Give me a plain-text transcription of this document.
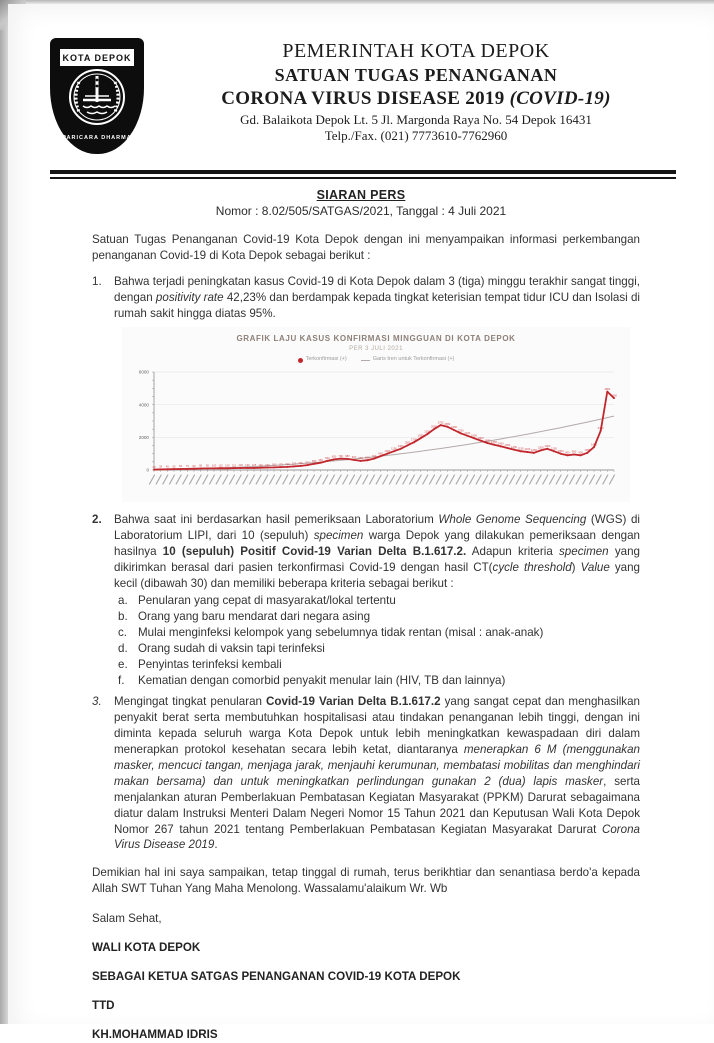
KOTA DEPOK
PARICARA DHARMA
PEMERINTAH KOTA DEPOK
SATUAN TUGAS PENANGANAN
CORONA VIRUS DISEASE 2019 (COVID-19)
Gd. Balaikota Depok Lt. 5 Jl. Margonda Raya No. 54 Depok 16431
Telp./Fax. (021) 7773610-7762960
SIARAN PERS
Nomor : 8.02/505/SATGAS/2021, Tanggal : 4 Juli 2021
Satuan Tugas Penanganan Covid-19 Kota Depok dengan ini menyampaikan informasi perkembangan penanganan Covid-19 di Kota Depok sebagai berikut :
1.	Bahwa terjadi peningkatan kasus Covid-19 di Kota Depok dalam 3 (tiga) minggu terakhir sangat tinggi, dengan positivity rate 42,23% dan berdampak kepada tingkat keterisian tempat tidur ICU dan Isolasi di rumah sakit hingga diatas 95%.
GRAFIK LAJU KASUS KONFIRMASI MINGGUAN DI KOTA DEPOK
PER 3 JULI 2021
Terkonfirmasi (+)	Garis tren untuk Terkonfirmasi (+)
0
2000
4000
6000
20 35 45 55 60 70 80 90 95 100 110 105 115 120 130 125 140 150 160 175 190 220 250 300 380 450
560 650 700 680 620 560 600
700
850
1000
1150
1300
1500
1700
1950
2200
2500
2750
2650
2450
2250
2100
1950
1800
1650
1550
1450
1350
1250
1150 1100 1050
1200
1300
1150
1000
900 950 900
1050
1400
2400
4800
4400
2.	Bahwa saat ini berdasarkan hasil pemeriksaan Laboratorium Whole Genome Sequencing (WGS) di Laboratorium LIPI, dari 10 (sepuluh) specimen warga Depok yang dilakukan pemeriksaan dengan hasilnya 10 (sepuluh) Positif Covid-19 Varian Delta B.1.617.2. Adapun kriteria specimen yang dikirimkan berasal dari pasien terkonfirmasi Covid-19 dengan hasil CT(cycle threshold) Value yang kecil (dibawah 30) dan memiliki beberapa kriteria sebagai berikut :
a. Penularan yang cepat di masyarakat/lokal tertentu
b. Orang yang baru mendarat dari negara asing
c. Mulai menginfeksi kelompok yang sebelumnya tidak rentan (misal : anak-anak)
d. Orang sudah di vaksin tapi terinfeksi
e. Penyintas terinfeksi kembali
f.	Kematian dengan comorbid penyakit menular lain (HIV, TB dan lainnya)
3.	Mengingat tingkat penularan Covid-19 Varian Delta B.1.617.2 yang sangat cepat dan menghasilkan penyakit berat serta membutuhkan hospitalisasi atau tindakan penanganan lebih tinggi, dengan ini diminta kepada seluruh warga Kota Depok untuk lebih meningkatkan kewaspadaan diri dalam menerapkan protokol kesehatan secara lebih ketat, diantaranya menerapkan 6 M (menggunakan masker, mencuci tangan, menjaga jarak, menjauhi kerumunan, membatasi mobilitas dan menghindari makan bersama) dan untuk meningkatkan perlindungan gunakan 2 (dua) lapis masker, serta menjalankan aturan Pemberlakuan Pembatasan Kegiatan Masyarakat (PPKM) Darurat sebagaimana diatur dalam Instruksi Menteri Dalam Negeri Nomor 15 Tahun 2021 dan Keputusan Wali Kota Depok Nomor 267 tahun 2021 tentang Pemberlakuan Pembatasan Kegiatan Masyarakat Darurat Corona Virus Disease 2019.
Demikian hal ini saya sampaikan, tetap tinggal di rumah, terus berikhtiar dan senantiasa berdo'a kepada Allah SWT Tuhan Yang Maha Menolong. Wassalamu'alaikum Wr. Wb
Salam Sehat,
WALI KOTA DEPOK
SEBAGAI KETUA SATGAS PENANGANAN COVID-19 KOTA DEPOK
TTD
KH.MOHAMMAD IDRIS
